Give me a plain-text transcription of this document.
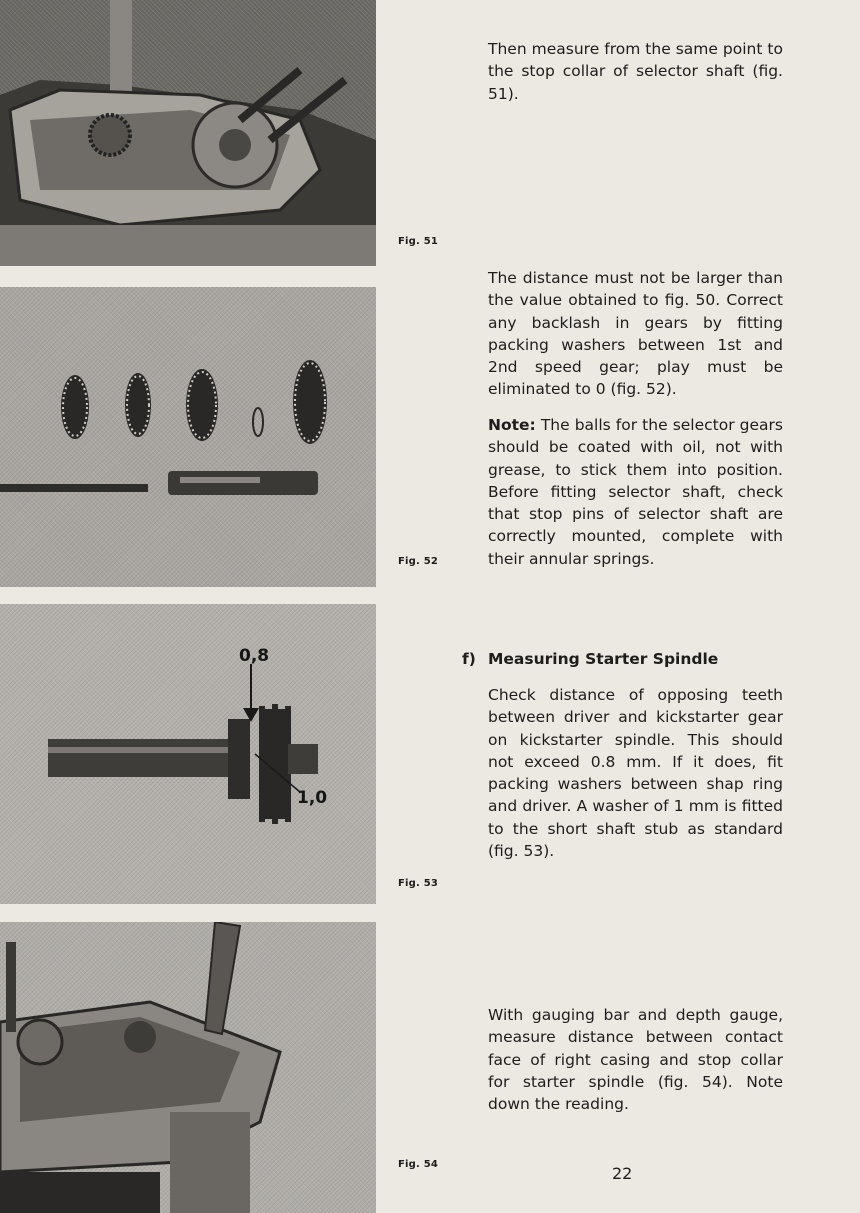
0,8
1,0
Fig. 51
Fig. 52
Fig. 53
Fig. 54

Then measure from the same point to the stop collar of selector shaft (fig. 51).

The distance must not be larger than the value obtained to fig. 50. Correct any backlash in gears by fitting packing washers between 1st and 2nd speed gear; play must be eliminated to 0 (fig. 52).

Note: The balls for the selector gears should be coated with oil, not with grease, to stick them into position. Before fitting selector shaft, check that stop pins of selector shaft are correctly mounted, complete with their annular springs.

f) Measuring Starter Spindle

Check distance of opposing teeth between driver and kickstarter gear on kickstarter spindle. This should not exceed 0.8 mm. If it does, fit packing washers between shap ring and driver. A washer of 1 mm is fitted to the short shaft stub as standard (fig. 53).

With gauging bar and depth gauge, measure distance between contact face of right casing and stop collar for starter spindle (fig. 54). Note down the reading.

22
